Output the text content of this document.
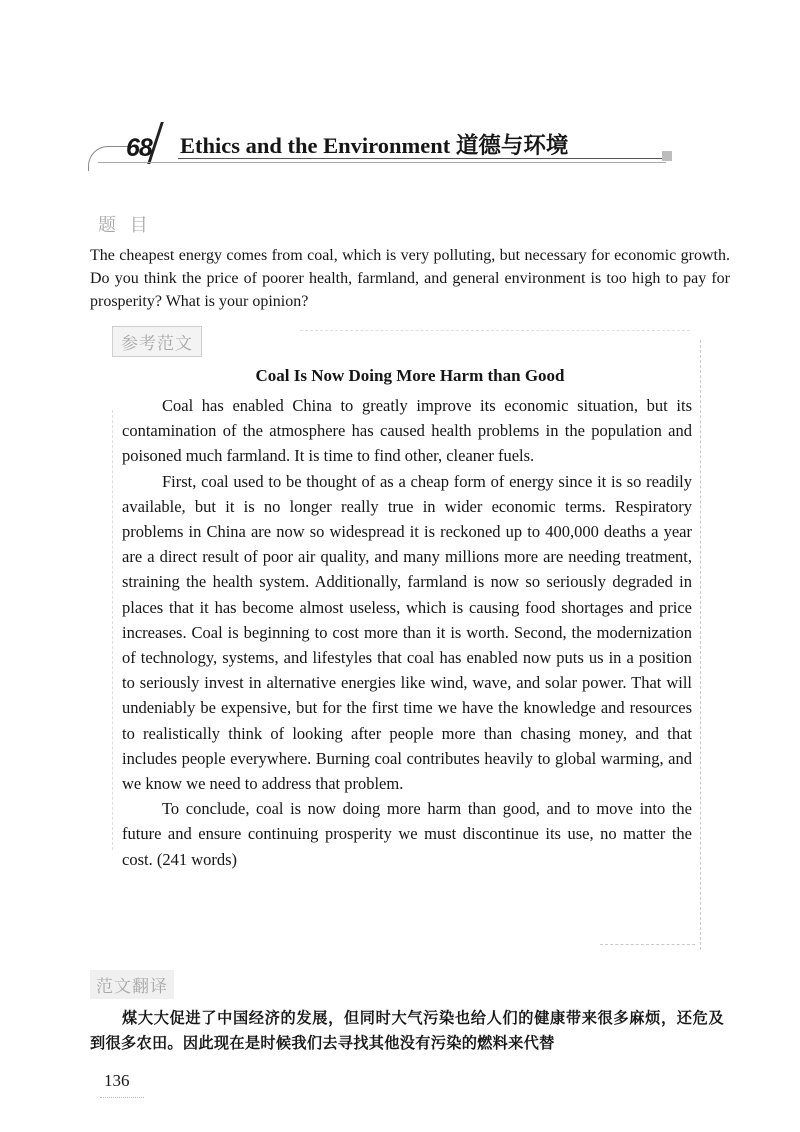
68 Ethics and the Environment 道德与环境
题 目
The cheapest energy comes from coal, which is very polluting, but necessary for economic growth. Do you think the price of poorer health, farmland, and general environment is too high to pay for prosperity? What is your opinion?
参考范文
Coal Is Now Doing More Harm than Good

Coal has enabled China to greatly improve its economic situation, but its contamination of the atmosphere has caused health problems in the population and poisoned much farmland. It is time to find other, cleaner fuels.

First, coal used to be thought of as a cheap form of energy since it is so readily available, but it is no longer really true in wider economic terms. Respiratory problems in China are now so widespread it is reckoned up to 400,000 deaths a year are a direct result of poor air quality, and many millions more are needing treatment, straining the health system. Additionally, farmland is now so seriously degraded in places that it has become almost useless, which is causing food shortages and price increases. Coal is beginning to cost more than it is worth. Second, the modernization of technology, systems, and lifestyles that coal has enabled now puts us in a position to seriously invest in alternative energies like wind, wave, and solar power. That will undeniably be expensive, but for the first time we have the knowledge and resources to realistically think of looking after people more than chasing money, and that includes people everywhere. Burning coal contributes heavily to global warming, and we know we need to address that problem.

To conclude, coal is now doing more harm than good, and to move into the future and ensure continuing prosperity we must discontinue its use, no matter the cost. (241 words)

范文翻译
煤大大促进了中国经济的发展，但同时大气污染也给人们的健康带来很多麻烦，还危及到很多农田。因此现在是时候我们去寻找其他没有污染的燃料来代替
136
